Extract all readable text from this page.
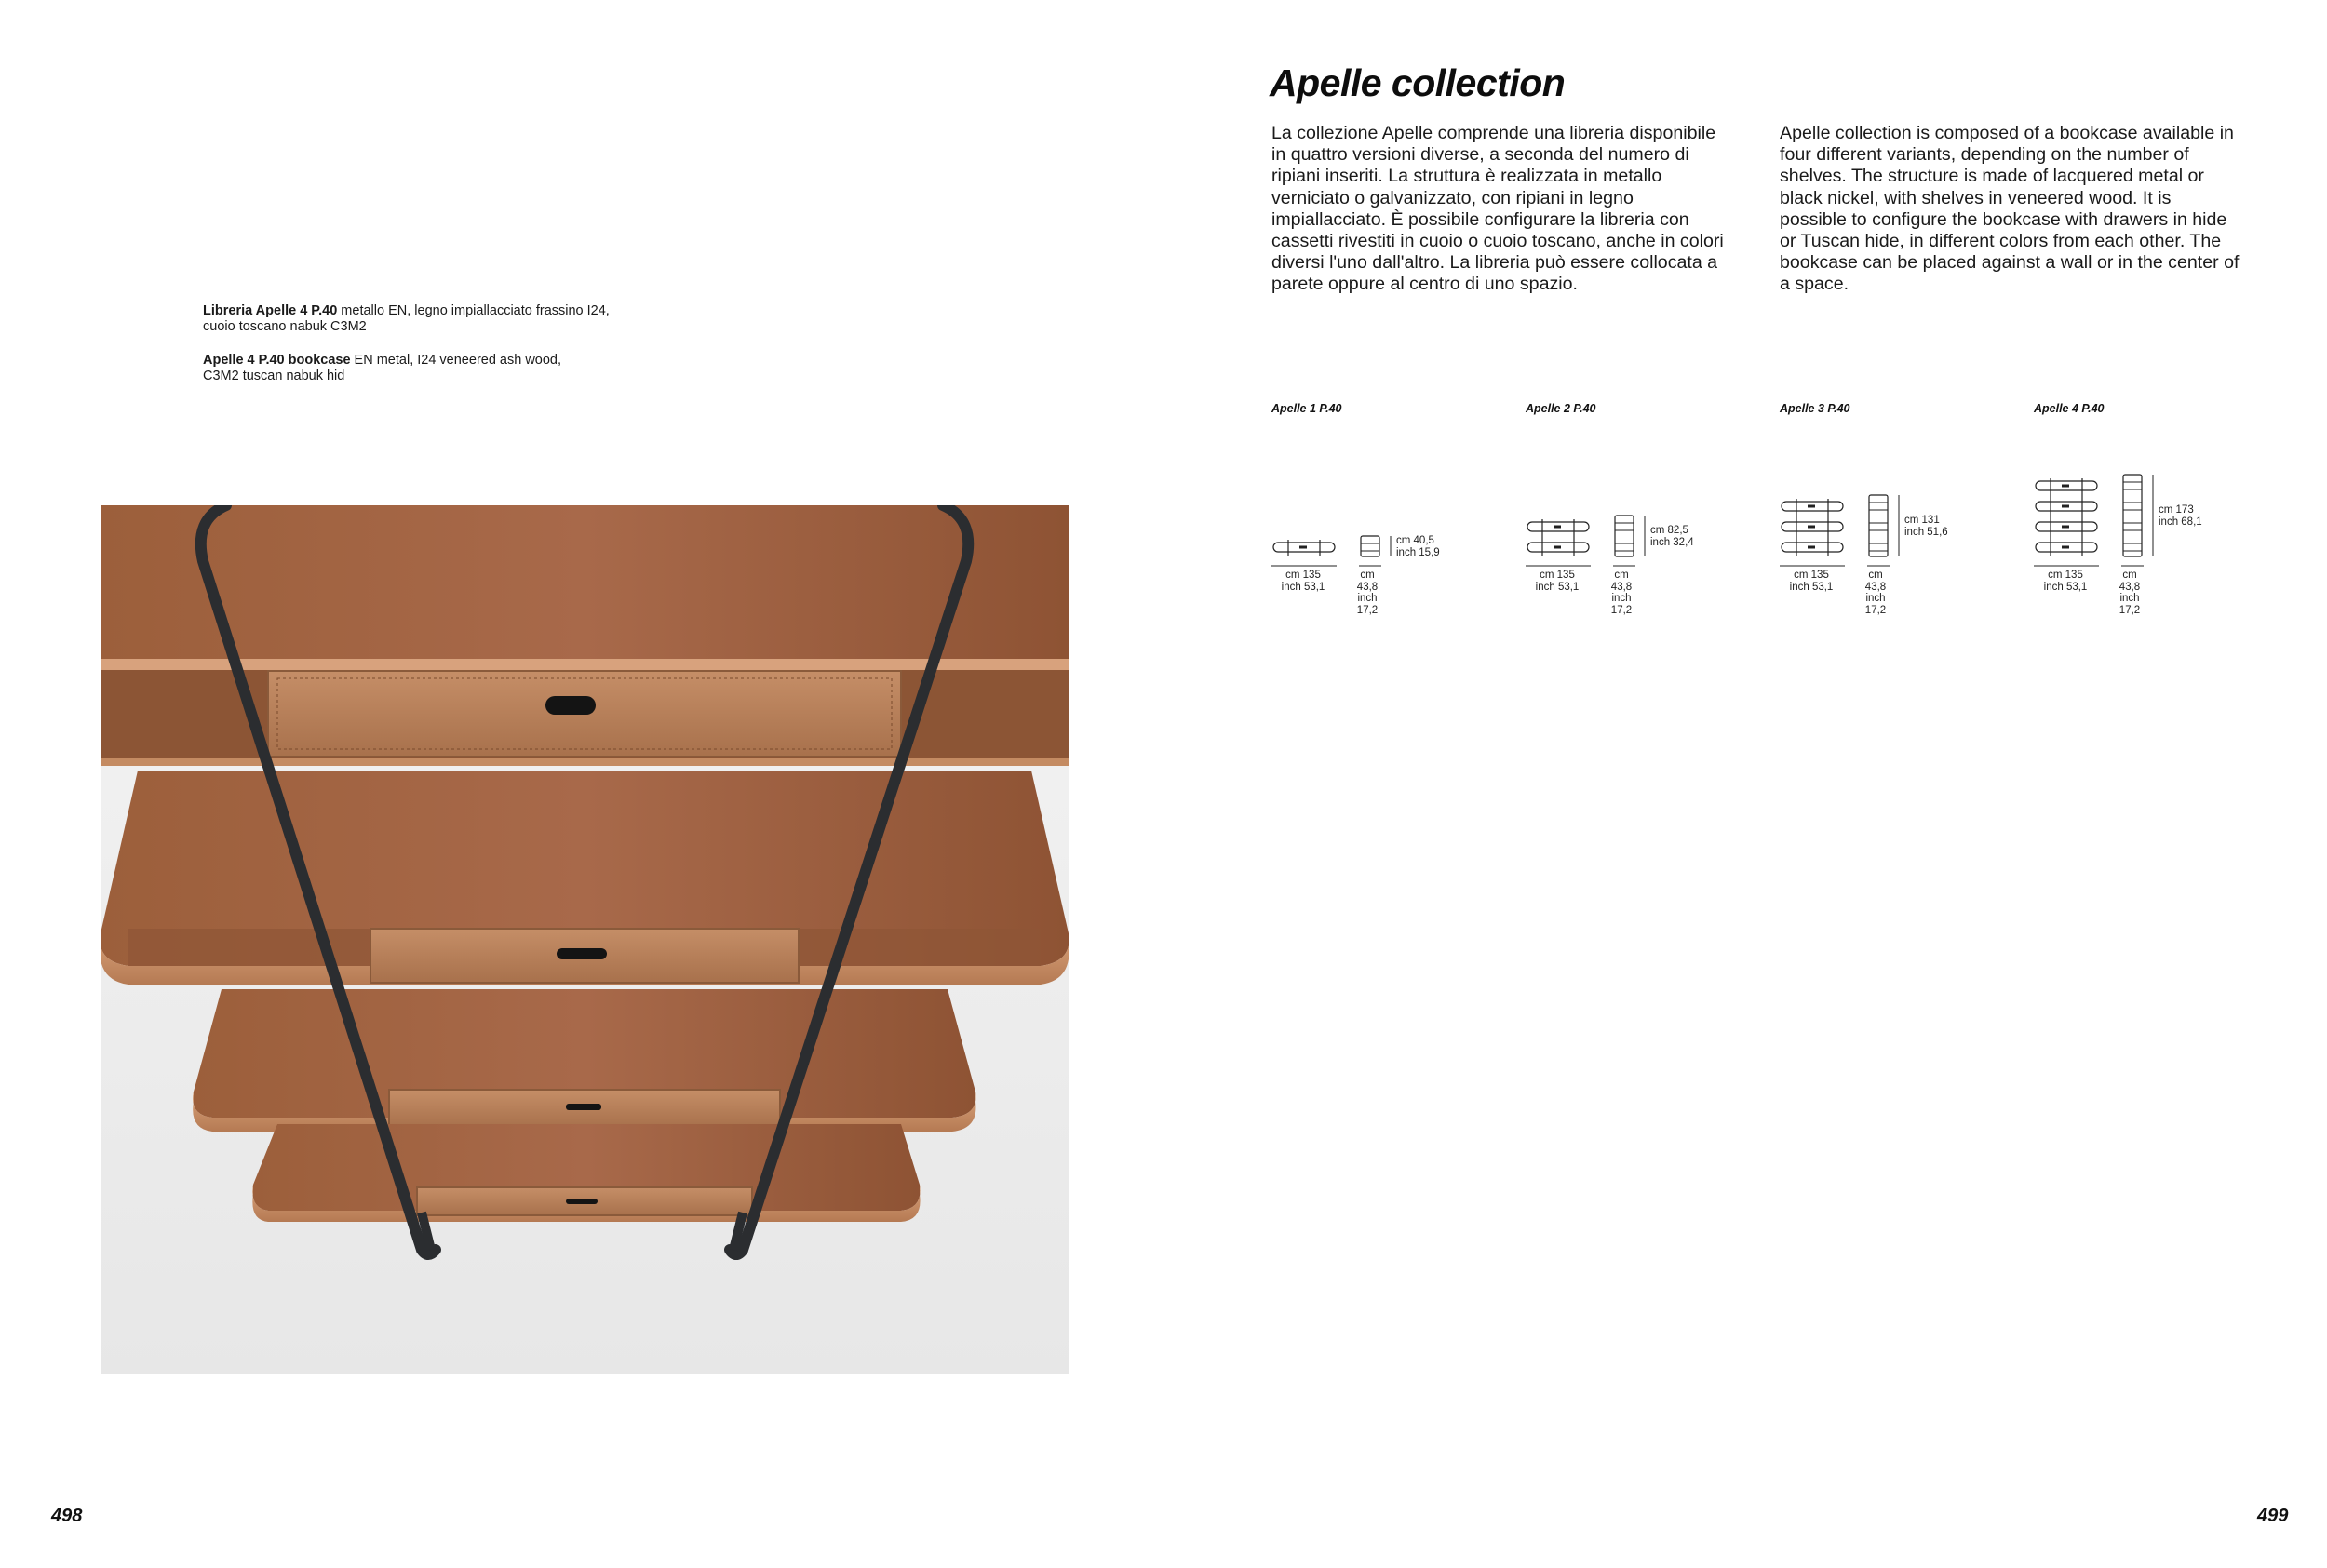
Libreria Apelle 4 P.40 metallo EN, legno impiallacciato frassino I24,
cuoio toscano nabuk C3M2
Apelle 4 P.40 bookcase EN metal, I24 veneered ash wood,
C3M2 tuscan nabuk hid
Apelle collection

La collezione Apelle comprende una libreria disponibile in quattro versioni diverse, a seconda del numero di ripiani inseriti. La struttura è realizzata in metallo verniciato o galvanizzato, con ripiani in legno impiallacciato. È possibile configurare la libreria con cassetti rivestiti in cuoio o cuoio toscano, anche in colori diversi l'uno dall'altro. La libreria può essere collocata a parete oppure al centro di uno spazio.

Apelle collection is composed of a bookcase available in four different variants, depending on the number of shelves. The structure is made of lacquered metal or black nickel, with shelves in veneered wood. It is possible to configure the bookcase with drawers in hide or Tuscan hide, in different colors from each other. The bookcase can be placed against a wall or in the center of a space.

Apelle 1 P.40
cm 135
inch 53,1
cm 43,8
inch 17,2
cm 40,5
inch 15,9
Apelle 2 P.40
cm 135
inch 53,1
cm 43,8
inch 17,2
cm 82,5
inch 32,4
Apelle 3 P.40
cm 135
inch 53,1
cm 43,8
inch 17,2
cm 131
inch 51,6
Apelle 4 P.40
cm 135
inch 53,1
cm 43,8
inch 17,2
cm 173
inch 68,1
498	499
